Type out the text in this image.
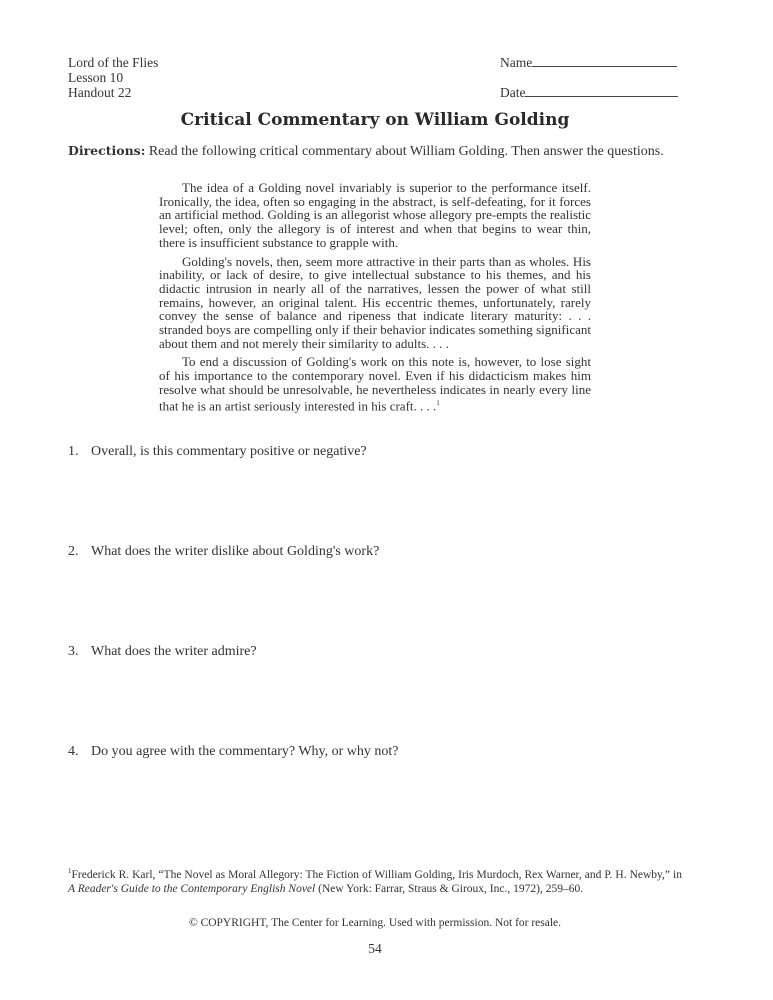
Lord of the Flies
Lesson 10
Handout 22
Name
Date
Critical Commentary on William Golding
Directions: Read the following critical commentary about William Golding. Then answer the questions.

The idea of a Golding novel invariably is superior to the performance itself. Ironically, the idea, often so engaging in the abstract, is self-defeating, for it forces an artificial method. Golding is an allegorist whose allegory pre-empts the realistic level; often, only the allegory is of interest and when that begins to wear thin, there is insufficient substance to grapple with.

Golding's novels, then, seem more attractive in their parts than as wholes. His inability, or lack of desire, to give intellectual substance to his themes, and his didactic intrusion in nearly all of the narratives, lessen the power of what still remains, however, an original talent. His eccentric themes, unfortunately, rarely convey the sense of balance and ripeness that indicate literary maturity: . . . stranded boys are compelling only if their behavior indicates something significant about them and not merely their similarity to adults. . . .

To end a discussion of Golding's work on this note is, however, to lose sight of his importance to the contemporary novel. Even if his didacticism makes him resolve what should be unresolvable, he nevertheless indicates in nearly every line that he is an artist seriously interested in his craft. . . .$^1$

1. Overall, is this commentary positive or negative?
2. What does the writer dislike about Golding's work?
3. What does the writer admire?
4. Do you agree with the commentary? Why, or why not?
$^1$Frederick R. Karl, “The Novel as Moral Allegory: The Fiction of William Golding, Iris Murdoch, Rex Warner, and P. H. Newby,” in A Reader's Guide to the Contemporary English Novel (New York: Farrar, Straus & Giroux, Inc., 1972), 259–60.
© COPYRIGHT, The Center for Learning. Used with permission. Not for resale.
54
